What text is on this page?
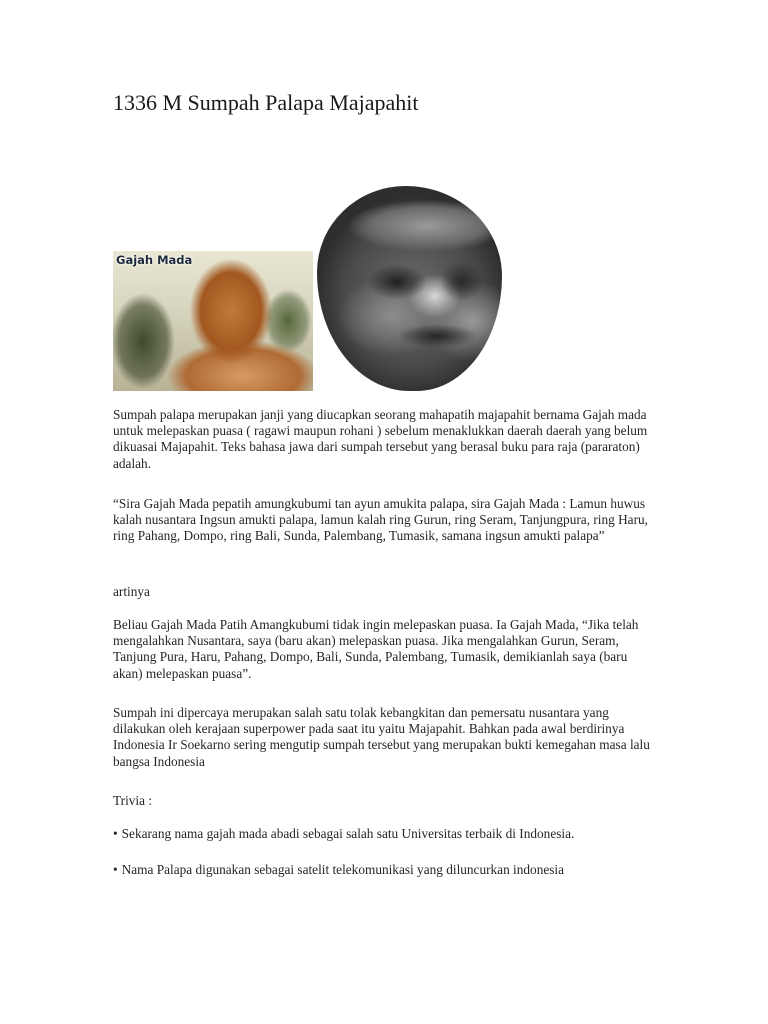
1336 M Sumpah Palapa Majapahit
Gajah Mada

Sumpah palapa merupakan janji yang diucapkan seorang mahapatih majapahit bernama Gajah mada untuk melepaskan puasa ( ragawi maupun rohani ) sebelum menaklukkan daerah daerah yang belum dikuasai Majapahit. Teks bahasa jawa dari sumpah tersebut yang berasal buku para raja (pararaton) adalah.

“Sira Gajah Mada pepatih amungkubumi tan ayun amukita palapa, sira Gajah Mada : Lamun huwus kalah nusantara Ingsun amukti palapa, lamun kalah ring Gurun, ring Seram, Tanjungpura, ring Haru, ring Pahang, Dompo, ring Bali, Sunda, Palembang, Tumasik, samana ingsun amukti palapa”

artinya

Beliau Gajah Mada Patih Amangkubumi tidak ingin melepaskan puasa. Ia Gajah Mada, “Jika telah mengalahkan Nusantara, saya (baru akan) melepaskan puasa. Jika mengalahkan Gurun, Seram, Tanjung Pura, Haru, Pahang, Dompo, Bali, Sunda, Palembang, Tumasik, demikianlah saya (baru akan) melepaskan puasa”.

Sumpah ini dipercaya merupakan salah satu tolak kebangkitan dan pemersatu nusantara yang dilakukan oleh kerajaan superpower pada saat itu yaitu Majapahit. Bahkan pada awal berdirinya Indonesia Ir Soekarno sering mengutip sumpah tersebut yang merupakan bukti kemegahan masa lalu bangsa Indonesia

Trivia :

• Sekarang nama gajah mada abadi sebagai salah satu Universitas terbaik di Indonesia.

• Nama Palapa digunakan sebagai satelit telekomunikasi yang diluncurkan indonesia
